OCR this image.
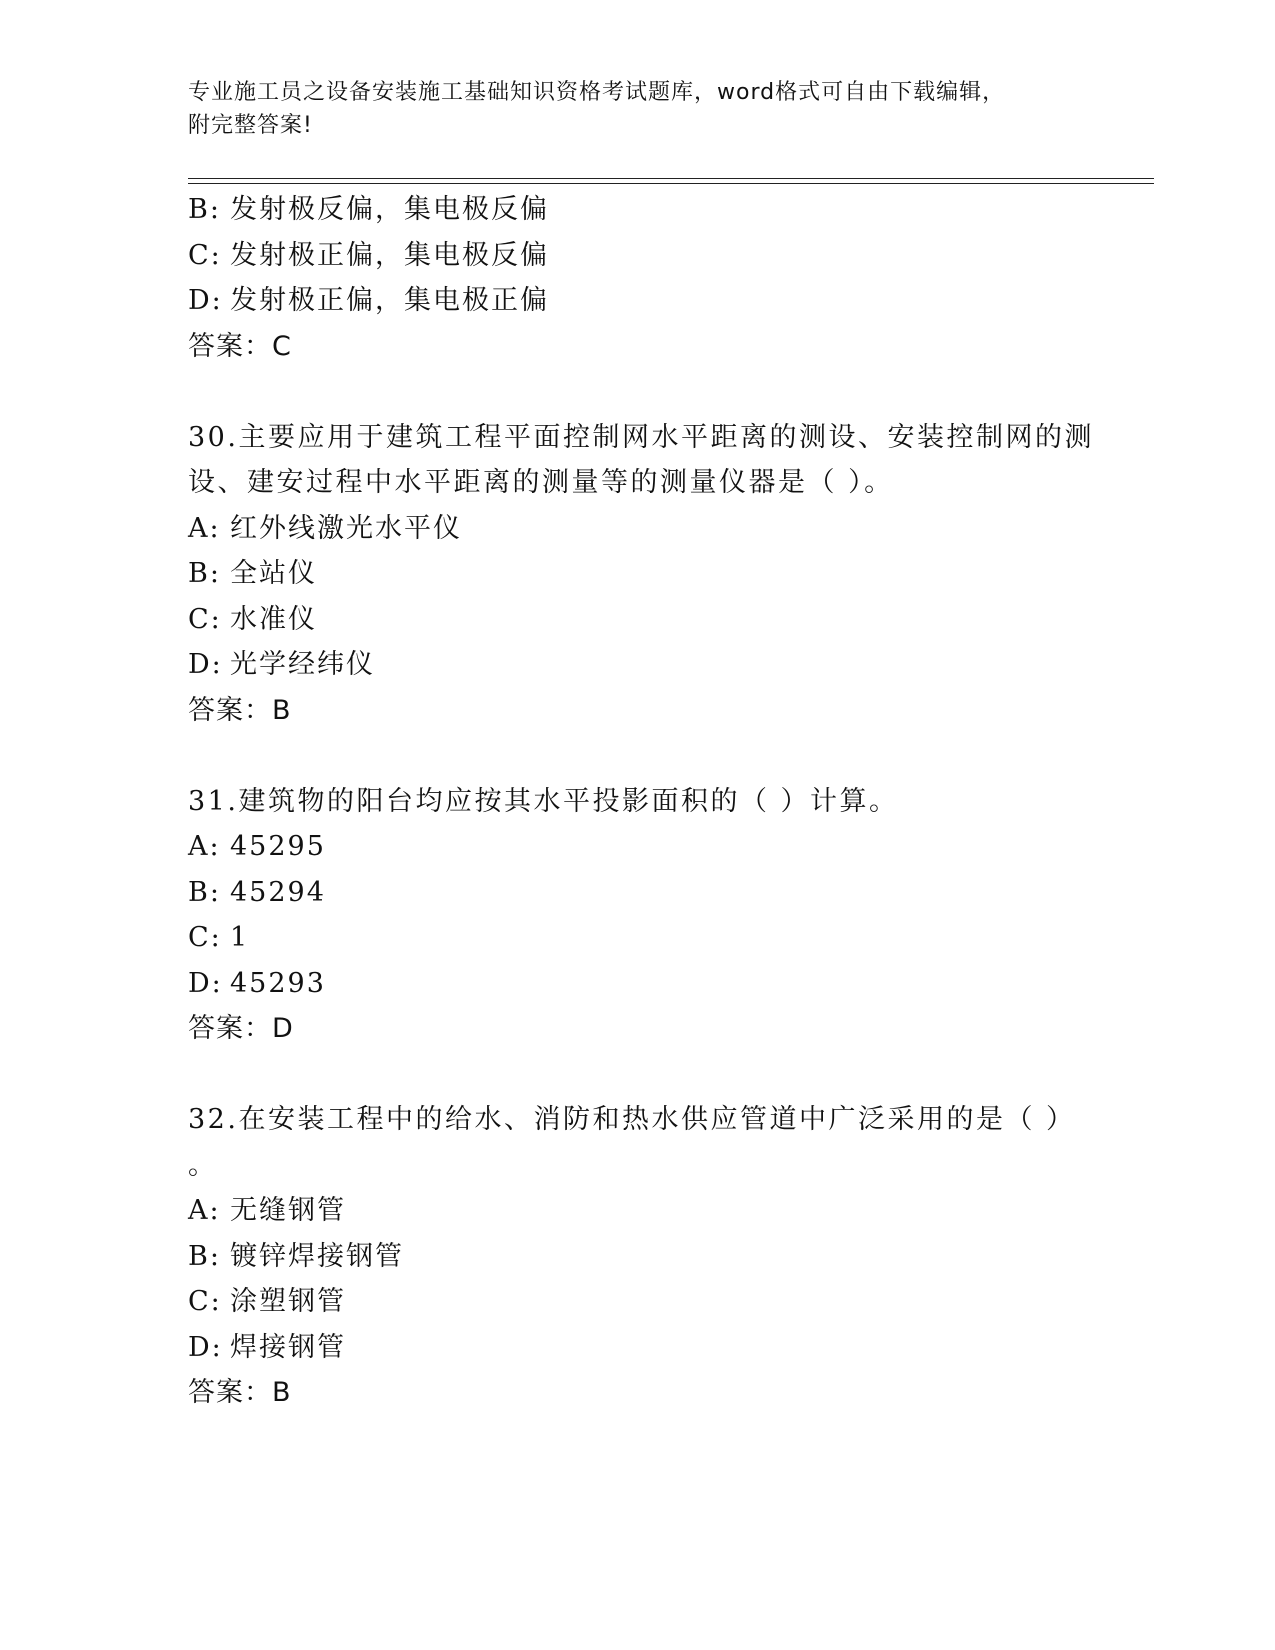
专业施工员之设备安装施工基础知识资格考试题库，word格式可自由下载编辑，
附完整答案!
B: 发射极反偏，集电极反偏
C: 发射极正偏，集电极反偏
D: 发射极正偏，集电极正偏
答案：C
30.主要应用于建筑工程平面控制网水平距离的测设、安装控制网的测
设、建安过程中水平距离的测量等的测量仪器是（ ）。
A: 红外线激光水平仪
B: 全站仪
C: 水准仪
D: 光学经纬仪
答案：B
31.建筑物的阳台均应按其水平投影面积的（ ）计算。
A: 45295
B: 45294
C: 1
D: 45293
答案：D
32.在安装工程中的给水、消防和热水供应管道中广泛采用的是（ ）
。
A: 无缝钢管
B: 镀锌焊接钢管
C: 涂塑钢管
D: 焊接钢管
答案：B
